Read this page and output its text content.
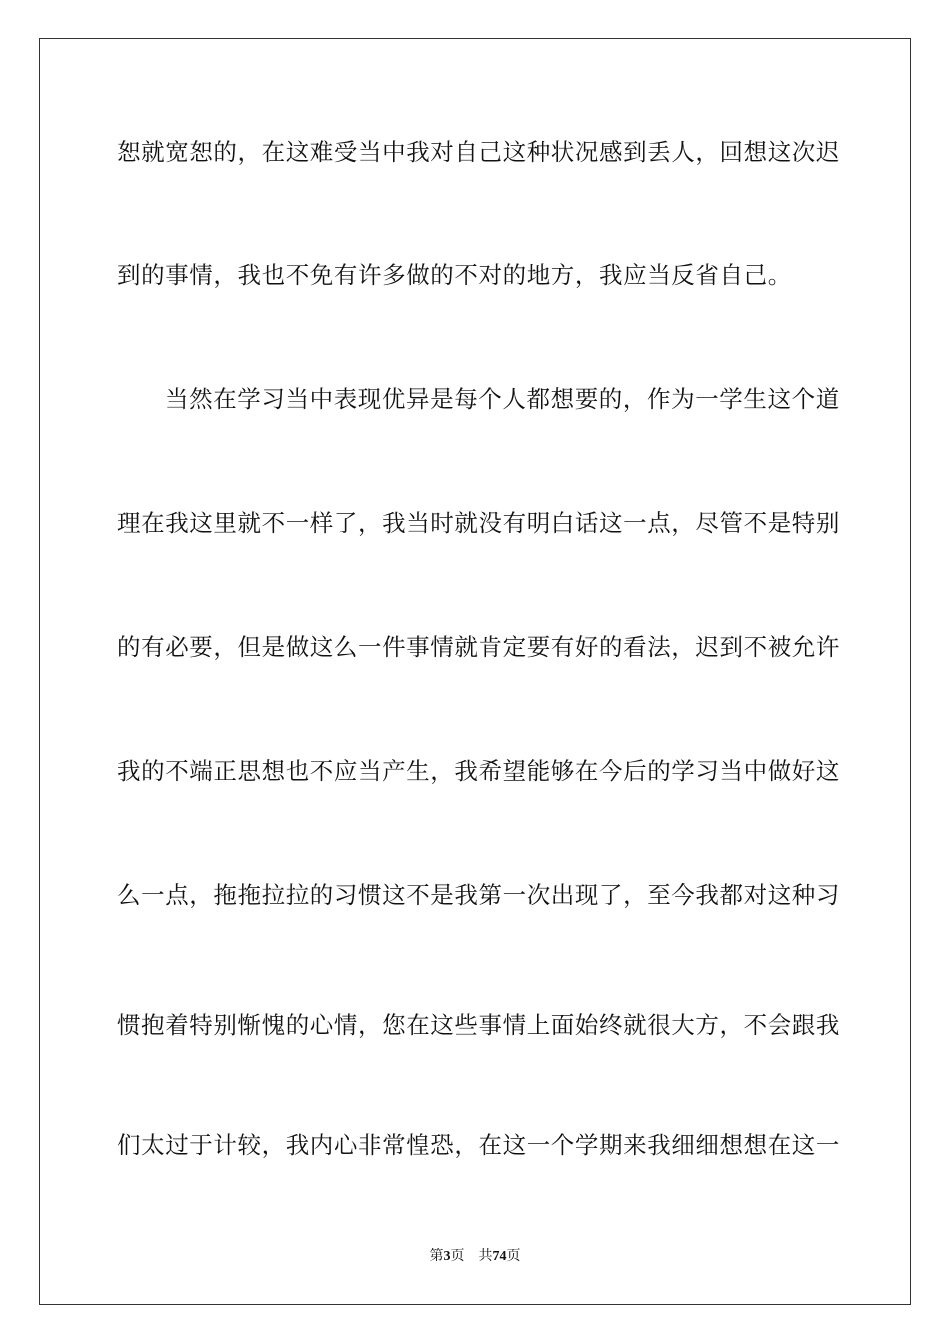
恕就宽恕的，在这难受当中我对自己这种状况感到丢人，回想这次迟
到的事情，我也不免有许多做的不对的地方，我应当反省自己。
当然在学习当中表现优异是每个人都想要的，作为一学生这个道
理在我这里就不一样了，我当时就没有明白话这一点，尽管不是特别
的有必要，但是做这么一件事情就肯定要有好的看法，迟到不被允许
我的不端正思想也不应当产生，我希望能够在今后的学习当中做好这
么一点，拖拖拉拉的习惯这不是我第一次出现了，至今我都对这种习
惯抱着特别惭愧的心情，您在这些事情上面始终就很大方，不会跟我
们太过于计较，我内心非常惶恐，在这一个学期来我细细想想在这一
第3页 共74页
